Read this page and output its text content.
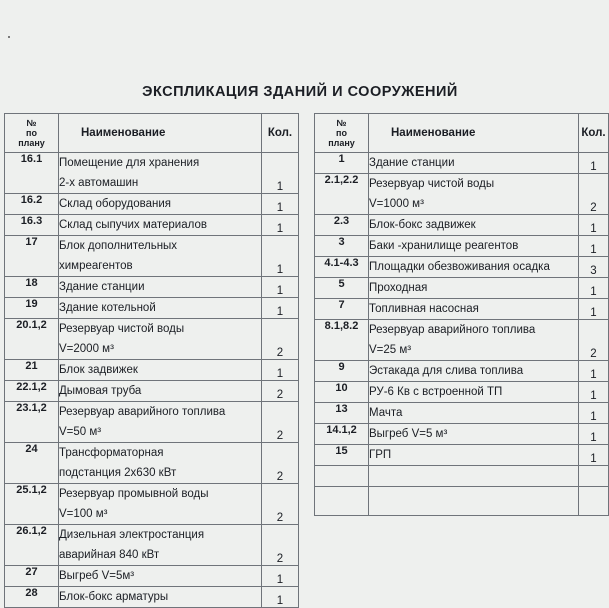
ЭКСПЛИКАЦИЯ ЗДАНИЙ И СООРУЖЕНИЙ
№
по
плану	Наименование	Кол.
16.1	Помещение для хранения
2-х автомашин	1
16.2	Склад оборудования	1
16.3	Склад сыпучих материалов	1
17	Блок дополнительных
химреагентов	1
18	Здание станции	1
19	Здание котельной	1
20.1,2	Резервуар чистой воды
V=2000 м³	2
21	Блок задвижек	1
22.1,2	Дымовая труба	2
23.1,2	Резервуар аварийного топлива
V=50 м³	2
24	Трансформаторная
подстанция 2х630 кВт	2
25.1,2	Резервуар промывной воды
V=100 м³	2
26.1,2	Дизельная электростанция
аварийная 840 кВт	2
27	Выгреб V=5м³	1
28	Блок-бокс арматуры	1
№
по
плану	Наименование	Кол.
1	Здание станции	1
2.1,2.2	Резервуар чистой воды
V=1000 м³	2
2.3	Блок-бокс задвижек	1
3	Баки -хранилище реагентов	1
4.1-4.3	Площадки обезвоживания осадка	3
5	Проходная	1
7	Топливная насосная	1
8.1,8.2	Резервуар аварийного топлива
V=25 м³	2
9	Эстакада для слива топлива	1
10	РУ-6 Кв с встроенной ТП	1
13	Мачта	1
14.1,2	Выгреб V=5 м³	1
15	ГРП	1
